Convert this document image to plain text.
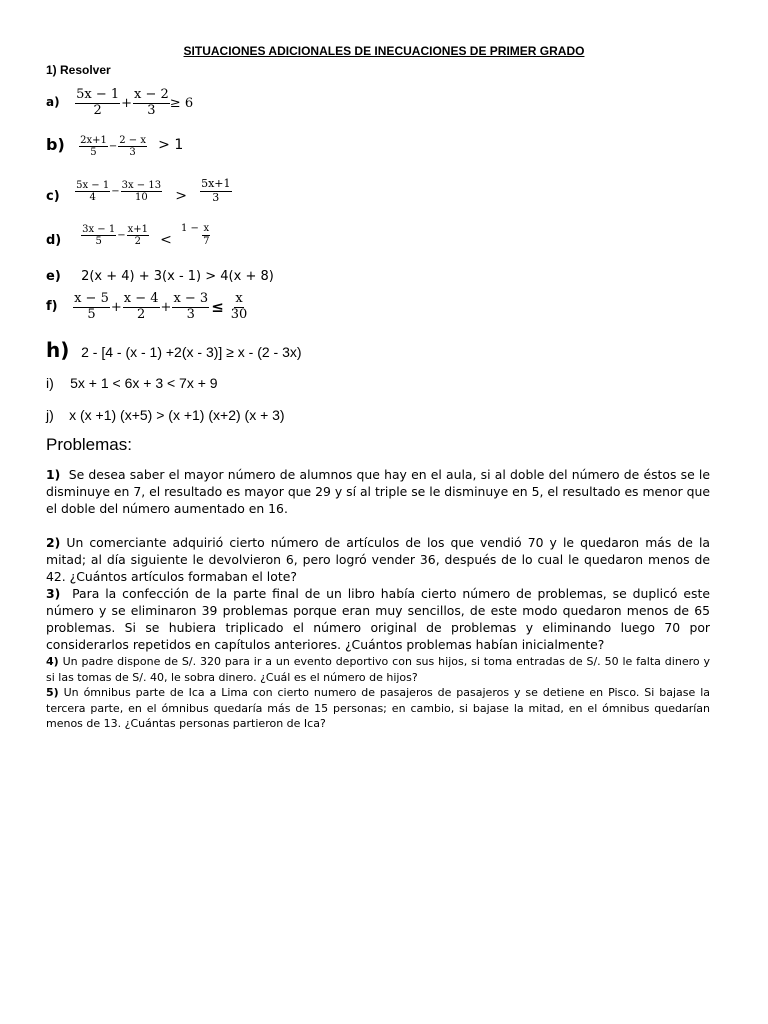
SITUACIONES ADICIONALES DE INECUACIONES DE PRIMER GRADO
1) Resolver
$a) \frac{5x - 1}{2} + \frac{x - 2}{3} \ge 6$
$b) \frac{2x+1}{5} - \frac{2 - x}{3} > 1$
$c) \frac{5x - 1}{4} - \frac{3x - 13}{10} > \frac{5x+1}{3}$
$d) \frac{3x - 1}{5} - \frac{x+1}{2} < 1 - \frac{x}{7}$
e) 2(x + 4) + 3(x - 1) > 4(x + 8)
$f) \frac{x - 5}{5} + \frac{x - 4}{2} + \frac{x - 3}{3} \le \frac{x}{30}$
h) 2 - [4 - (x - 1) +2(x - 3)] ≥ x - (2 - 3x)
i) 5x + 1 < 6x + 3 < 7x + 9
j) x (x +1) (x+5) > (x +1) (x+2) (x + 3)
Problemas:

1) Se desea saber el mayor número de alumnos que hay en el aula, si al doble del número de éstos se le disminuye en 7, el resultado es mayor que 29 y sí al triple se le disminuye en 5, el resultado es menor que el doble del número aumentado en 16.

2) Un comerciante adquirió cierto número de artículos de los que vendió 70 y le quedaron más de la mitad; al día siguiente le devolvieron 6, pero logró vender 36, después de lo cual le quedaron menos de 42. ¿Cuántos artículos formaban el lote?

3) Para la confección de la parte final de un libro había cierto número de problemas, se duplicó este número y se eliminaron 39 problemas porque eran muy sencillos, de este modo quedaron menos de 65 problemas. Si se hubiera triplicado el número original de problemas y eliminando luego 70 por considerarlos repetidos en capítulos anteriores. ¿Cuántos problemas habían inicialmente?

4) Un padre dispone de S/. 320 para ir a un evento deportivo con sus hijos, si toma entradas de S/. 50 le falta dinero y si las tomas de S/. 40, le sobra dinero. ¿Cuál es el número de hijos?

5) Un ómnibus parte de Ica a Lima con cierto numero de pasajeros de pasajeros y se detiene en Pisco. Si bajase la tercera parte, en el ómnibus quedaría más de 15 personas; en cambio, si bajase la mitad, en el ómnibus quedarían menos de 13. ¿Cuántas personas partieron de Ica?
